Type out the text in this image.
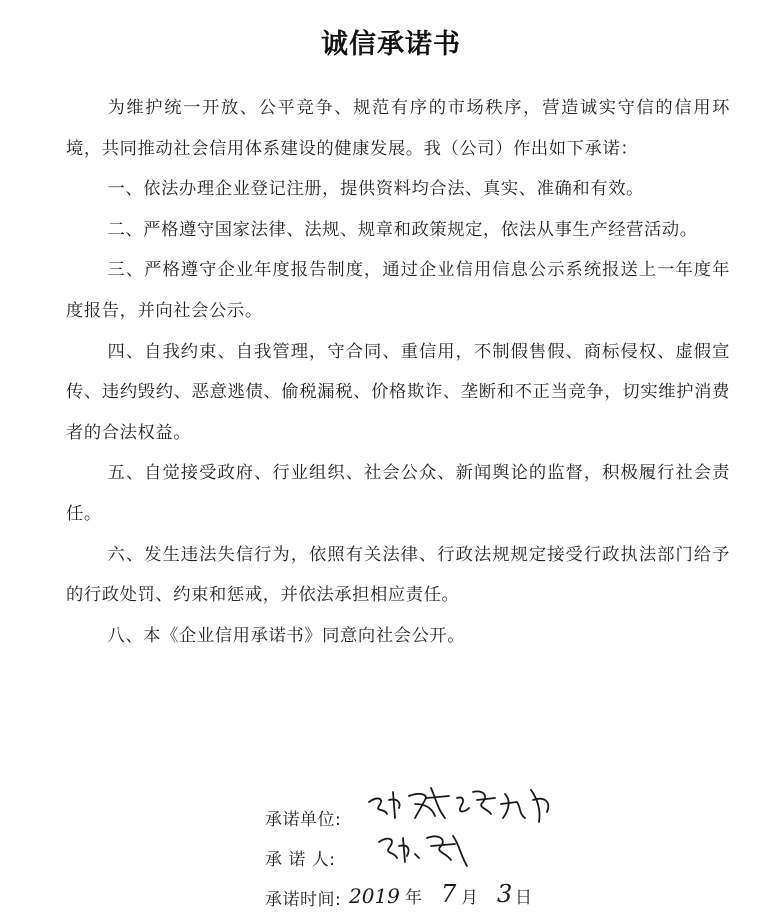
诚信承诺书

为维护统一开放、公平竞争、规范有序的市场秩序，营造诚实守信的信用环境，共同推动社会信用体系建设的健康发展。我（公司）作出如下承诺：

一、依法办理企业登记注册，提供资料均合法、真实、准确和有效。

二、严格遵守国家法律、法规、规章和政策规定，依法从事生产经营活动。

三、严格遵守企业年度报告制度，通过企业信用信息公示系统报送上一年度年度报告，并向社会公示。

四、自我约束、自我管理，守合同、重信用，不制假售假、商标侵权、虚假宣传、违约毁约、恶意逃债、偷税漏税、价格欺诈、垄断和不正当竞争，切实维护消费者的合法权益。

五、自觉接受政府、行业组织、社会公众、新闻舆论的监督，积极履行社会责任。

六、发生违法失信行为，依照有关法律、行政法规规定接受行政执法部门给予的行政处罚、约束和惩戒，并依法承担相应责任。

八、本《企业信用承诺书》同意向社会公开。

承诺单位:
承 诺 人:
承诺时间: 2019 年 7 月 3 日
